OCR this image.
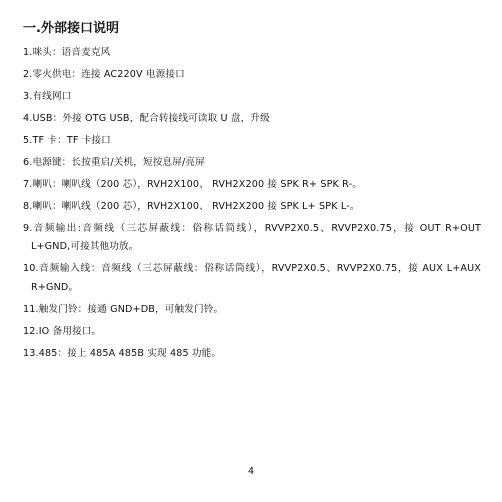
一.外部接口说明
1.咪头：语音麦克风
2.零火供电：连接 AC220V 电源接口
3.有线网口
4.USB：外接 OTG USB，配合转接线可读取 U 盘，升级
5.TF 卡：TF 卡接口
6.电源键：长按重启/关机，短按息屏/亮屏
7.喇叭：喇叭线（200 芯），RVH2X100、 RVH2X200 接 SPK R+ SPK R-。
8.喇叭：喇叭线（200 芯），RVH2X100、 RVH2X200 接 SPK L+ SPK L-。
9.音频输出:音频线（三芯屏蔽线：俗称话筒线），RVVP2X0.5、RVVP2X0.75，接 OUT R+OUT L+GND,可接其他功放。
10.音频输入线：音频线（三芯屏蔽线：俗称话筒线），RVVP2X0.5、RVVP2X0.75，接 AUX L+AUX R+GND。
11.触发门铃：接通 GND+DB，可触发门铃。
12.IO 备用接口。
13.485：接上 485A 485B 实现 485 功能。
4
